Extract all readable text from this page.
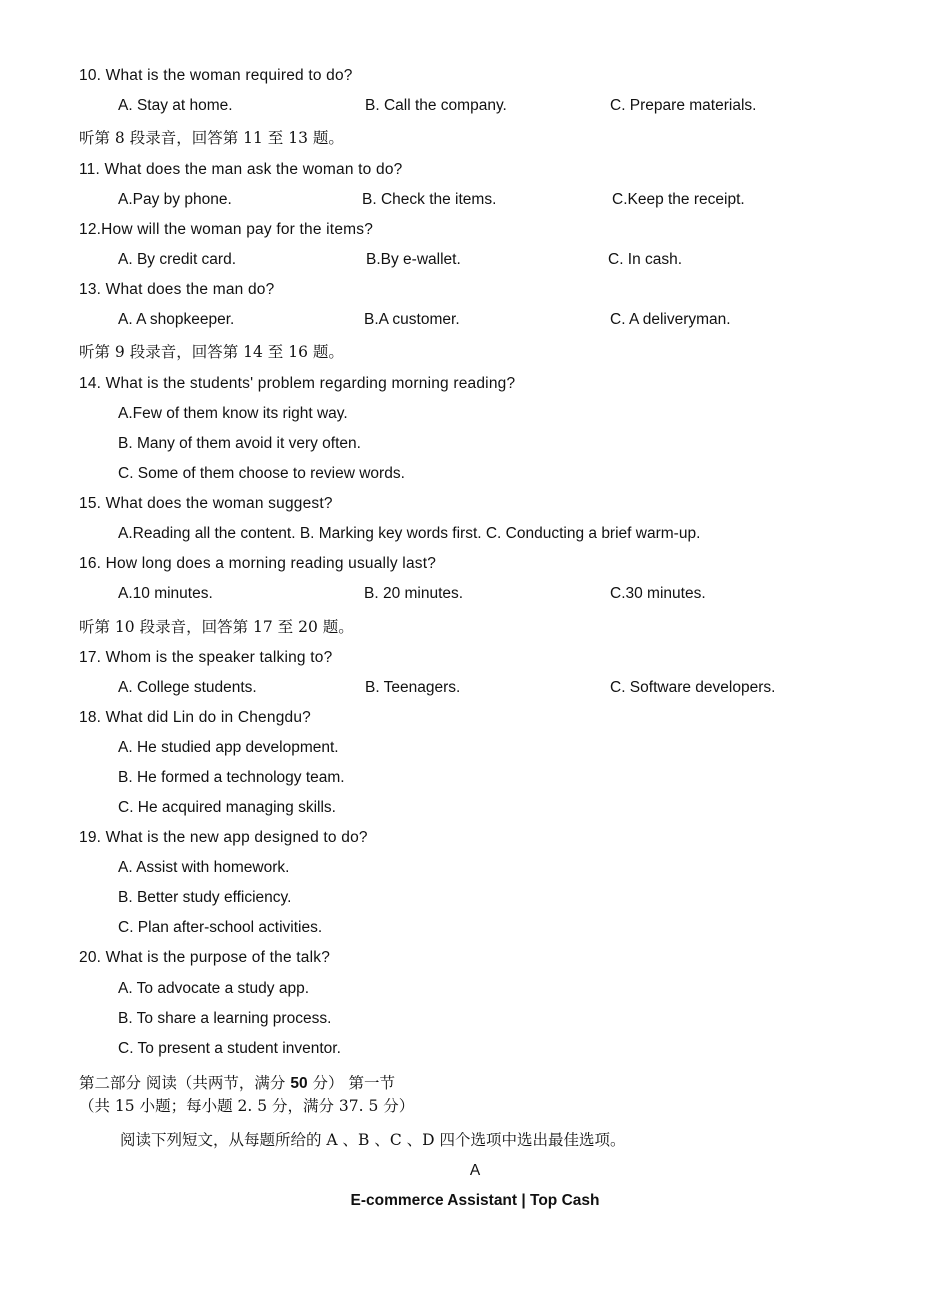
10. What is the woman required to do?
A. Stay at home.	B. Call the company.	C. Prepare materials.
听第 8 段录音，回答第 11 至 13 题。
11. What does the man ask the woman to do?
A.Pay by phone.	B. Check the items.	C.Keep the receipt.
12.How will the woman pay for the items?
A. By credit card.	B.By e-wallet.	C. In cash.
13. What does the man do?
A. A shopkeeper.	B.A customer.	C. A deliveryman.
听第 9 段录音，回答第 14 至 16 题。
14. What is the students' problem regarding morning reading?
A.Few of them know its right way.
B. Many of them avoid it very often.
C. Some of them choose to review words.
15. What does the woman suggest?
A.Reading all the content. B. Marking key words first. C. Conducting a brief warm-up.
16. How long does a morning reading usually last?
A.10 minutes.	B. 20 minutes.	C.30 minutes.
听第 10 段录音，回答第 17 至 20 题。
17. Whom is the speaker talking to?
A. College students.	B. Teenagers.	C. Software developers.
18. What did Lin do in Chengdu?
A. He studied app development.
B. He formed a technology team.
C. He acquired managing skills.
19. What is the new app designed to do?
A. Assist with homework.
B. Better study efficiency.
C. Plan after-school activities.
20. What is the purpose of the talk?
A. To advocate a study app.
B. To share a learning process.
C. To present a student inventor.
第二部分 阅读（共两节，满分 50 分） 第一节
（共 15 小题；每小题 2. 5 分，满分 37. 5 分）
阅读下列短文，从每题所给的 A 、B 、C 、D 四个选项中选出最佳选项。
A
E-commerce Assistant | Top Cash
